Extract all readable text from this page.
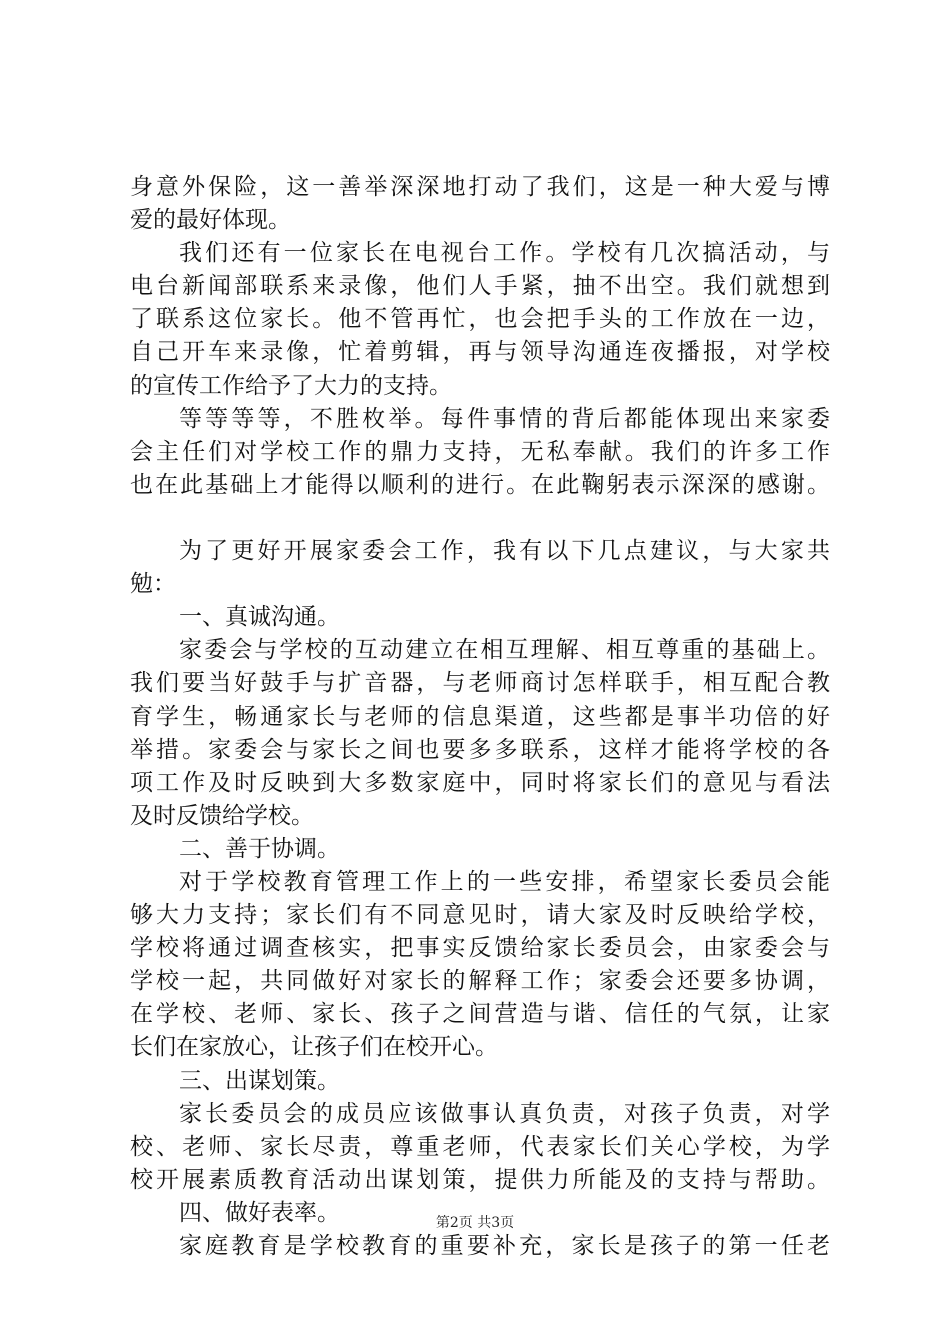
身意外保险，这一善举深深地打动了我们，这是一种大爱与博
爱的最好体现。
我们还有一位家长在电视台工作。学校有几次搞活动，与
电台新闻部联系来录像，他们人手紧，抽不出空。我们就想到
了联系这位家长。他不管再忙，也会把手头的工作放在一边，
自己开车来录像，忙着剪辑，再与领导沟通连夜播报，对学校
的宣传工作给予了大力的支持。
等等等等，不胜枚举。每件事情的背后都能体现出来家委
会主任们对学校工作的鼎力支持，无私奉献。我们的许多工作
也在此基础上才能得以顺利的进行。在此鞠躬表示深深的感谢。
为了更好开展家委会工作，我有以下几点建议，与大家共
勉：
一、真诚沟通。
家委会与学校的互动建立在相互理解、相互尊重的基础上。
我们要当好鼓手与扩音器，与老师商讨怎样联手，相互配合教
育学生，畅通家长与老师的信息渠道，这些都是事半功倍的好
举措。家委会与家长之间也要多多联系，这样才能将学校的各
项工作及时反映到大多数家庭中，同时将家长们的意见与看法
及时反馈给学校。
二、善于协调。
对于学校教育管理工作上的一些安排，希望家长委员会能
够大力支持；家长们有不同意见时，请大家及时反映给学校，
学校将通过调查核实，把事实反馈给家长委员会，由家委会与
学校一起，共同做好对家长的解释工作；家委会还要多协调，
在学校、老师、家长、孩子之间营造与谐、信任的气氛，让家
长们在家放心，让孩子们在校开心。
三、出谋划策。
家长委员会的成员应该做事认真负责，对孩子负责，对学
校、老师、家长尽责，尊重老师，代表家长们关心学校，为学
校开展素质教育活动出谋划策，提供力所能及的支持与帮助。
四、做好表率。
家庭教育是学校教育的重要补充，家长是孩子的第一任老
第2页 共3页
